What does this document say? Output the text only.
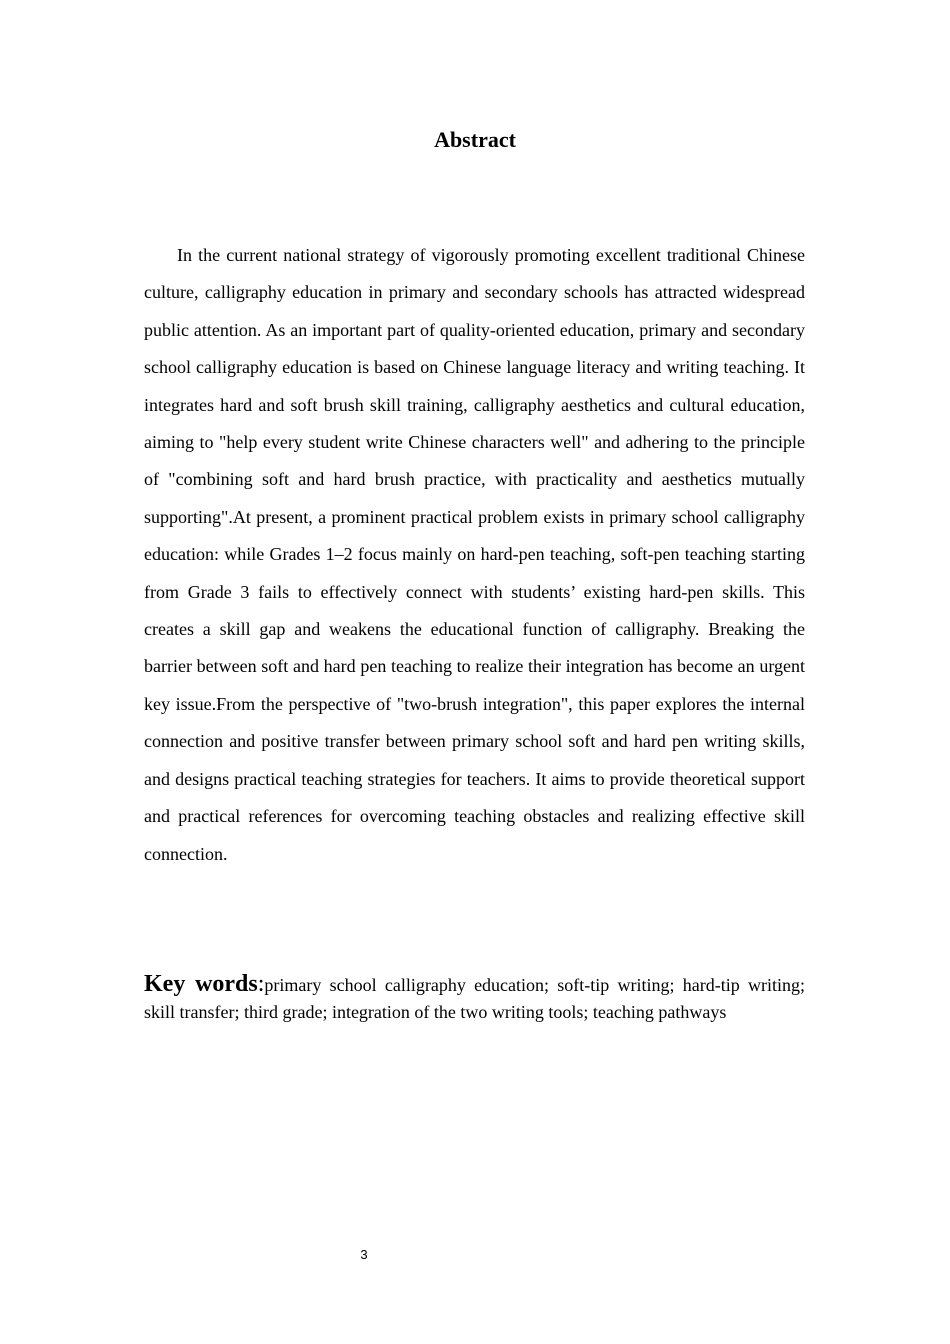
Abstract

In the current national strategy of vigorously promoting excellent traditional Chinese culture, calligraphy education in primary and secondary schools has attracted widespread public attention. As an important part of quality-oriented education, primary and secondary school calligraphy education is based on Chinese language literacy and writing teaching. It integrates hard and soft brush skill training, calligraphy aesthetics and cultural education, aiming to "help every student write Chinese characters well" and adhering to the principle of "combining soft and hard brush practice, with practicality and aesthetics mutually supporting".At present, a prominent practical problem exists in primary school calligraphy education: while Grades 1–2 focus mainly on hard-pen teaching, soft-pen teaching starting from Grade 3 fails to effectively connect with students’ existing hard-pen skills. This creates a skill gap and weakens the educational function of calligraphy. Breaking the barrier between soft and hard pen teaching to realize their integration has become an urgent key issue.From the perspective of "two-brush integration", this paper explores the internal connection and positive transfer between primary school soft and hard pen writing skills, and designs practical teaching strategies for teachers. It aims to provide theoretical support and practical references for overcoming teaching obstacles and realizing effective skill connection.

Key words:primary school calligraphy education; soft-tip writing; hard-tip writing; skill transfer; third grade; integration of the two writing tools; teaching pathways

3
